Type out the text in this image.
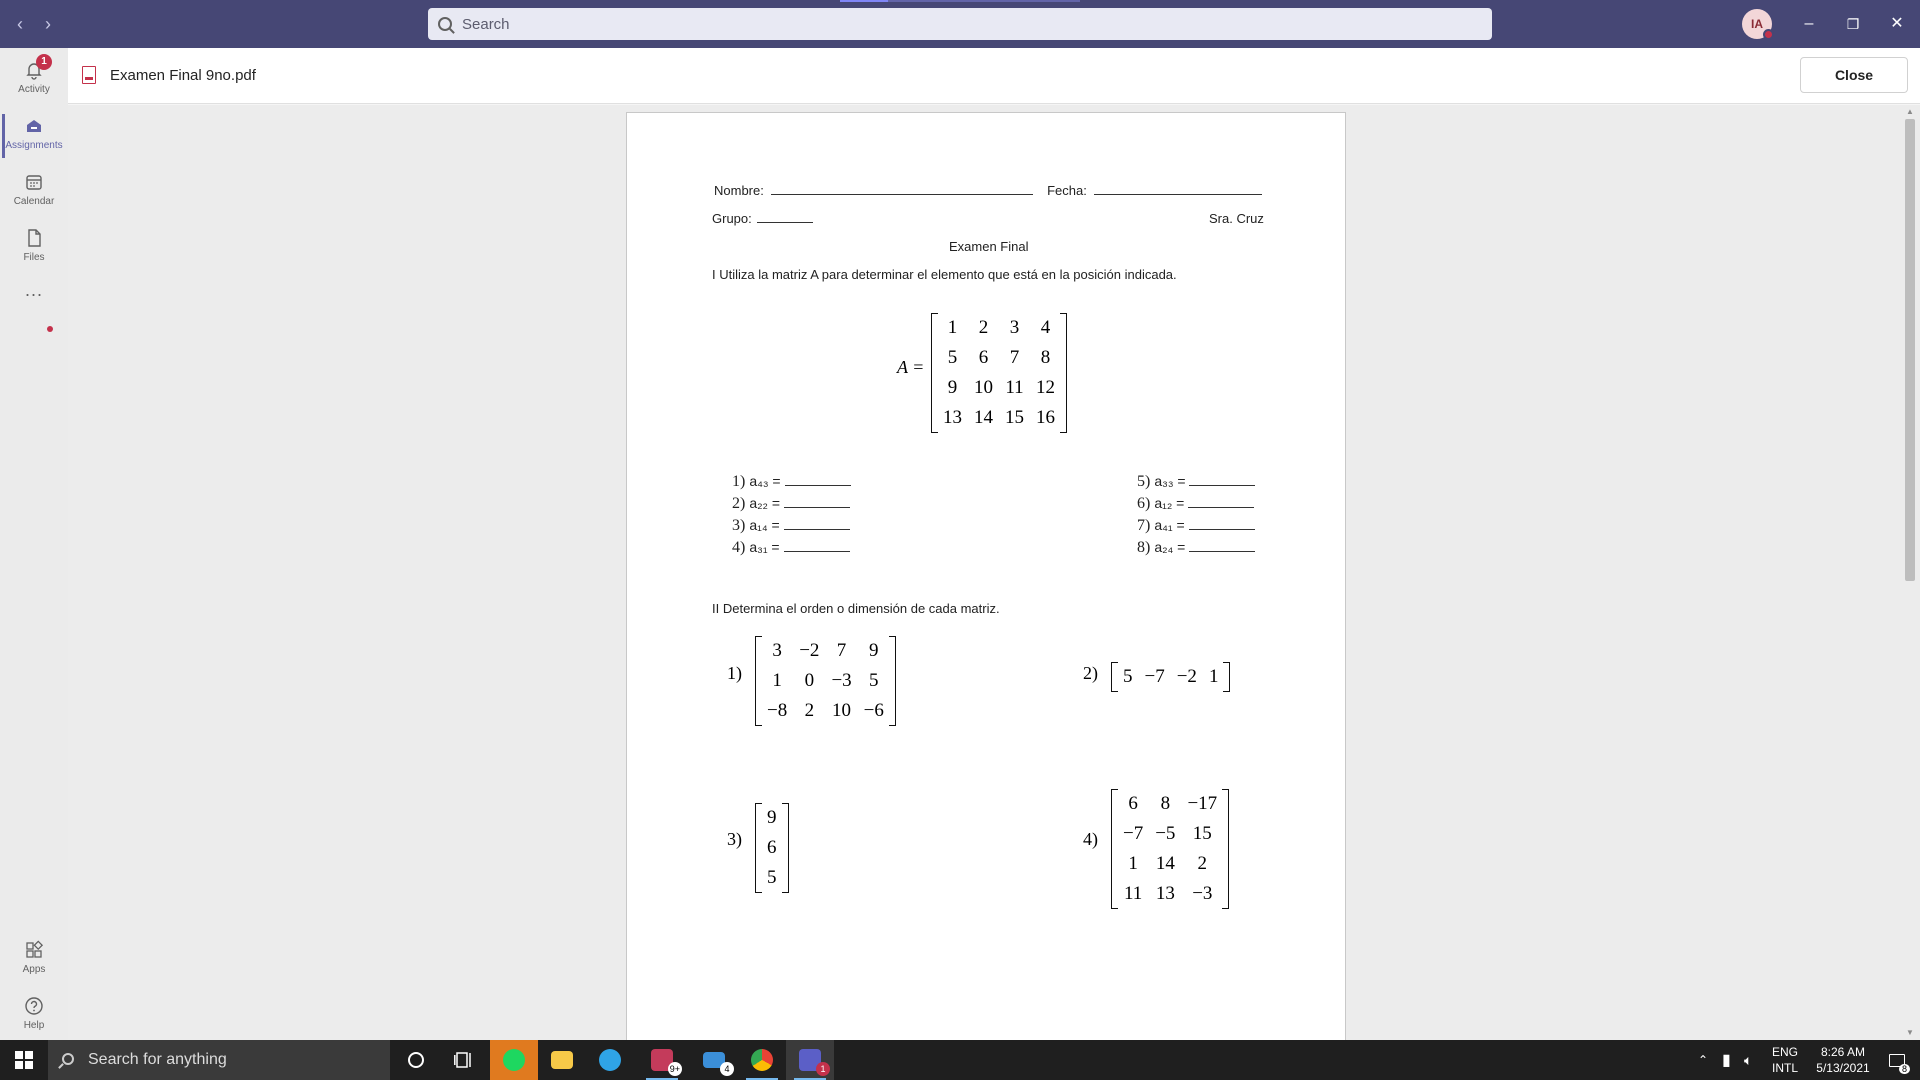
‹	›	Search	IA	–	❐	✕
1
Activity
Assignments
Calendar
Files
...
Apps
Help
Examen Final 9no.pdf	Close
Nombre:	Fecha:
Grupo:	Sra. Cruz
Examen Final
I Utiliza la matriz A para determinar el elemento que está en la posición indicada.
A =
1	2	3	4
5	6	7	8
9	10	11	12
13	14	15	16
1) a₄₃ =
2) a₂₂ =
3) a₁₄ =
4) a₃₁ =
5) a₃₃ =
6) a₁₂ =
7) a₄₁ =
8) a₂₄ =
II Determina el orden o dimensión de cada matriz.
1)
3	−2	7	9
1	0	−3	5
−8	2	10	−6
2) 5	−7	−2	1
3)
9
6
5
4)
6	8	−17
−7	−5	15
1	14	2
11	13	−3
▲
▼
Search for anything
9+	4	1
⌃ ▮ 🔈︎ ENG
INTL
8:26 AM
5/13/2021	8
